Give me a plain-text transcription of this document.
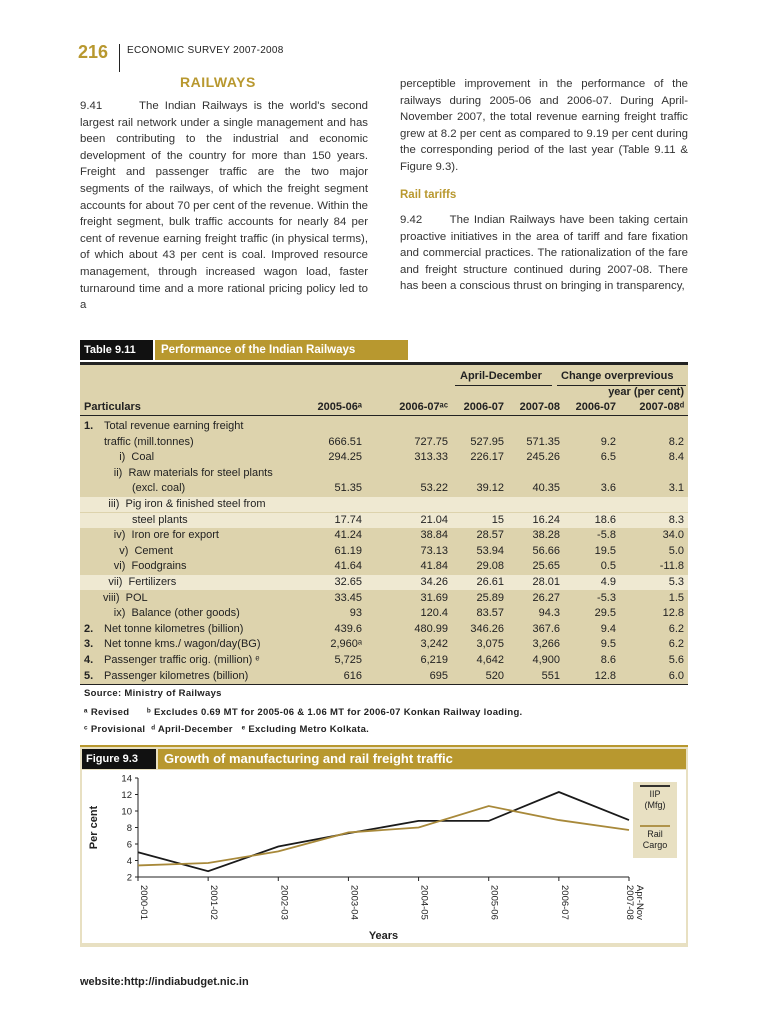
216 ECONOMIC SURVEY 2007-2008
RAILWAYS

9.41      The Indian Railways is the world's second largest rail network under a single management and has been contributing to the industrial and economic development of the country for more than 150 years. Freight and passenger traffic are the two major segments of the railways, of which the freight segment accounts for about 70 per cent of the revenue. Within the freight segment, bulk traffic accounts for nearly 84 per cent of revenue earning freight traffic (in physical terms), of which about 43 per cent is coal. Improved resource management, through increased wagon load, faster turnaround time and a more rational pricing policy led to a

perceptible improvement in the performance of the railways during 2005-06 and 2006-07. During April-November 2007, the total revenue earning freight traffic grew at 8.2 per cent as compared to 9.19 per cent during the corresponding period of the last year (Table 9.11 & Figure 9.3).

Rail tariffs

9.42      The Indian Railways have been taking certain proactive initiatives in the area of tariff and fare fixation and commercial practices. The rationalization of the fare and freight structure continued during 2007-08. There has been a conscious thrust on bringing in transparency,

Table 9.11	Performance of the Indian Railways
April-December Change overprevious
year (per cent)
Particulars	2005-06ᵃ	2006-07ᵃᶜ 2006-07 2007-08 2006-07 2007-08ᵈ
1. Total revenue earning freight
traffic (mill.tonnes)	666.51	727.75 527.95 571.35	9.2	8.2
i)  Coal	294.25	313.33 226.17 245.26	6.5	8.4
ii)  Raw materials for steel plants
(excl. coal)	51.35	53.22	39.12	40.35	3.6	3.1
iii)  Pig iron & finished steel from
steel plants	17.74	21.04	15	16.24	18.6	8.3
iv)  Iron ore for export	41.24	38.84	28.57	38.28	-5.8	34.0
v)  Cement	61.19	73.13	53.94	56.66	19.5	5.0
vi)  Foodgrains	41.64	41.84	29.08	25.65	0.5	-11.8
vii)  Fertilizers	32.65	34.26	26.61	28.01	4.9	5.3
viii)  POL	33.45	31.69	25.89	26.27	-5.3	1.5
ix)  Balance (other goods)	93	120.4	83.57	94.3	29.5	12.8
2. Net tonne kilometres (billion)	439.6	480.99 346.26	367.6	9.4	6.2
3. Net tonne kms./ wagon/day(BG)	2,960ᵃ	3,242	3,075	3,266	9.5	6.2
4. Passenger traffic orig. (million) ᵉ	5,725	6,219	4,642	4,900	8.6	5.6
5. Passenger kilometres (billion)	616	695	520	551	12.8	6.0
Source: Ministry of Railways
ᵃ Revised      ᵇ Excludes 0.69 MT for 2005-06 & 1.06 MT for 2006-07 Konkan Railway loading.
ᶜ Provisional  ᵈ April-December   ᵉ Excluding Metro Kolkata.
Figure 9.3	Growth of manufacturing and rail freight traffic
2
4
6
8
10
12
14
2000-01	2001-02	2002-03	2003-04	2004-05	2005-06	2006-07	2007-08 Apr-Nov
Per cent
Years
IIP
(Mfg)
Rail
Cargo
website:http://indiabudget.nic.in
